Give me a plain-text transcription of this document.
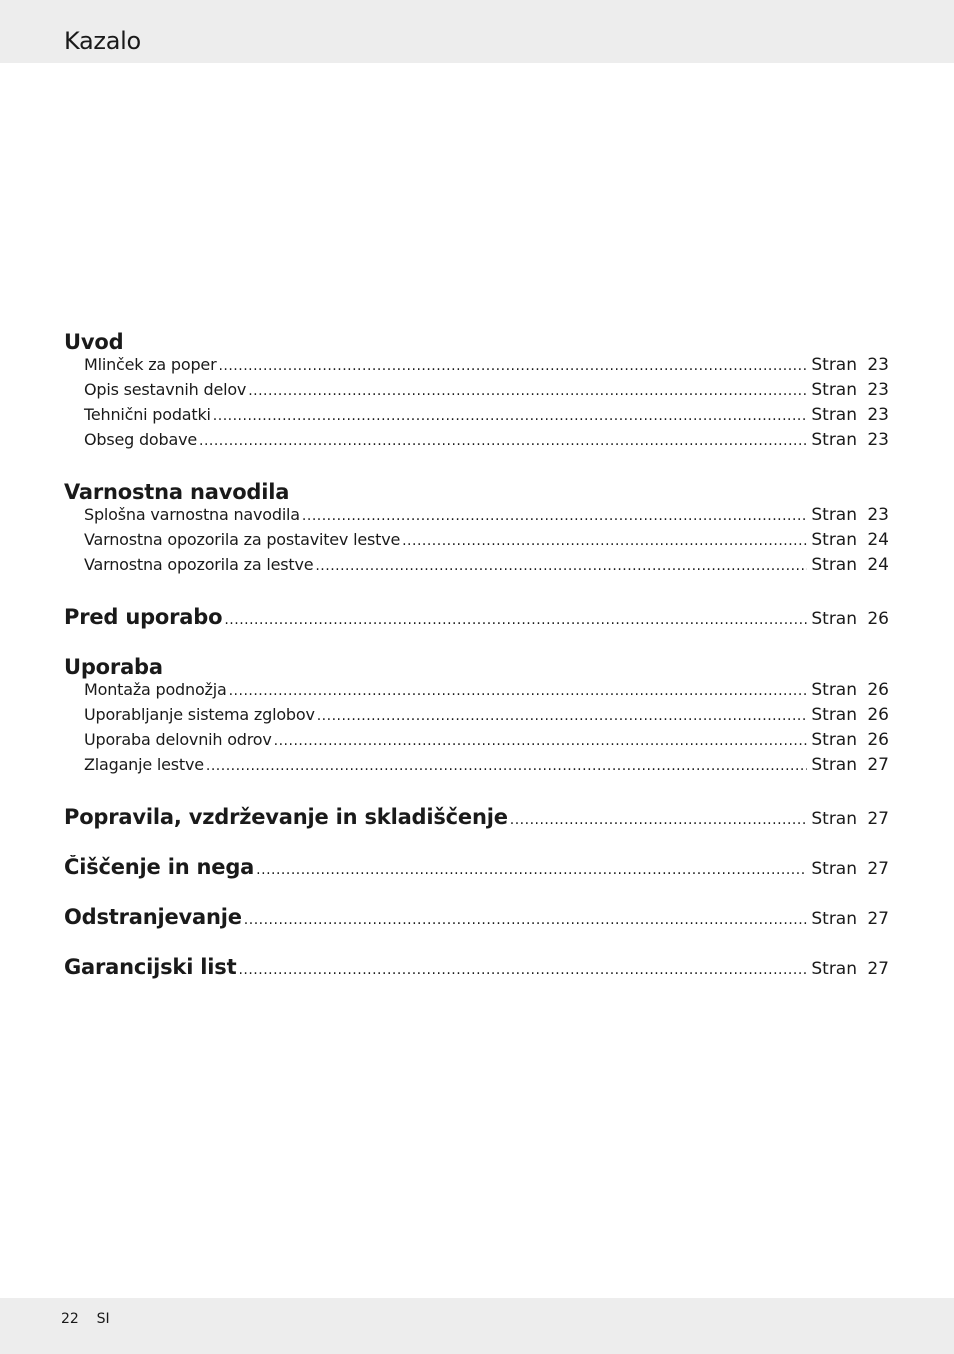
Kazalo
Uvod
Mlinček za poper .....	Stran 23
Opis sestavnih delov .....	Stran 23
Tehnični podatki .....	Stran 23
Obseg dobave .....	Stran 23
Varnostna navodila
Splošna varnostna navodila .....	Stran 23
Varnostna opozorila za postavitev lestve .....	Stran 24
Varnostna opozorila za lestve .....	Stran 24
Pred uporabo .....	Stran 26
Uporaba
Montaža podnožja .....	Stran 26
Uporabljanje sistema zglobov .....	Stran 26
Uporaba delovnih odrov .....	Stran 26
Zlaganje lestve .....	Stran 27
Popravila, vzdrževanje in skladiščenje .....	Stran 27
Čiščenje in nega .....	Stran 27
Odstranjevanje .....	Stran 27
Garancijski list .....	Stran 27
22 SI
